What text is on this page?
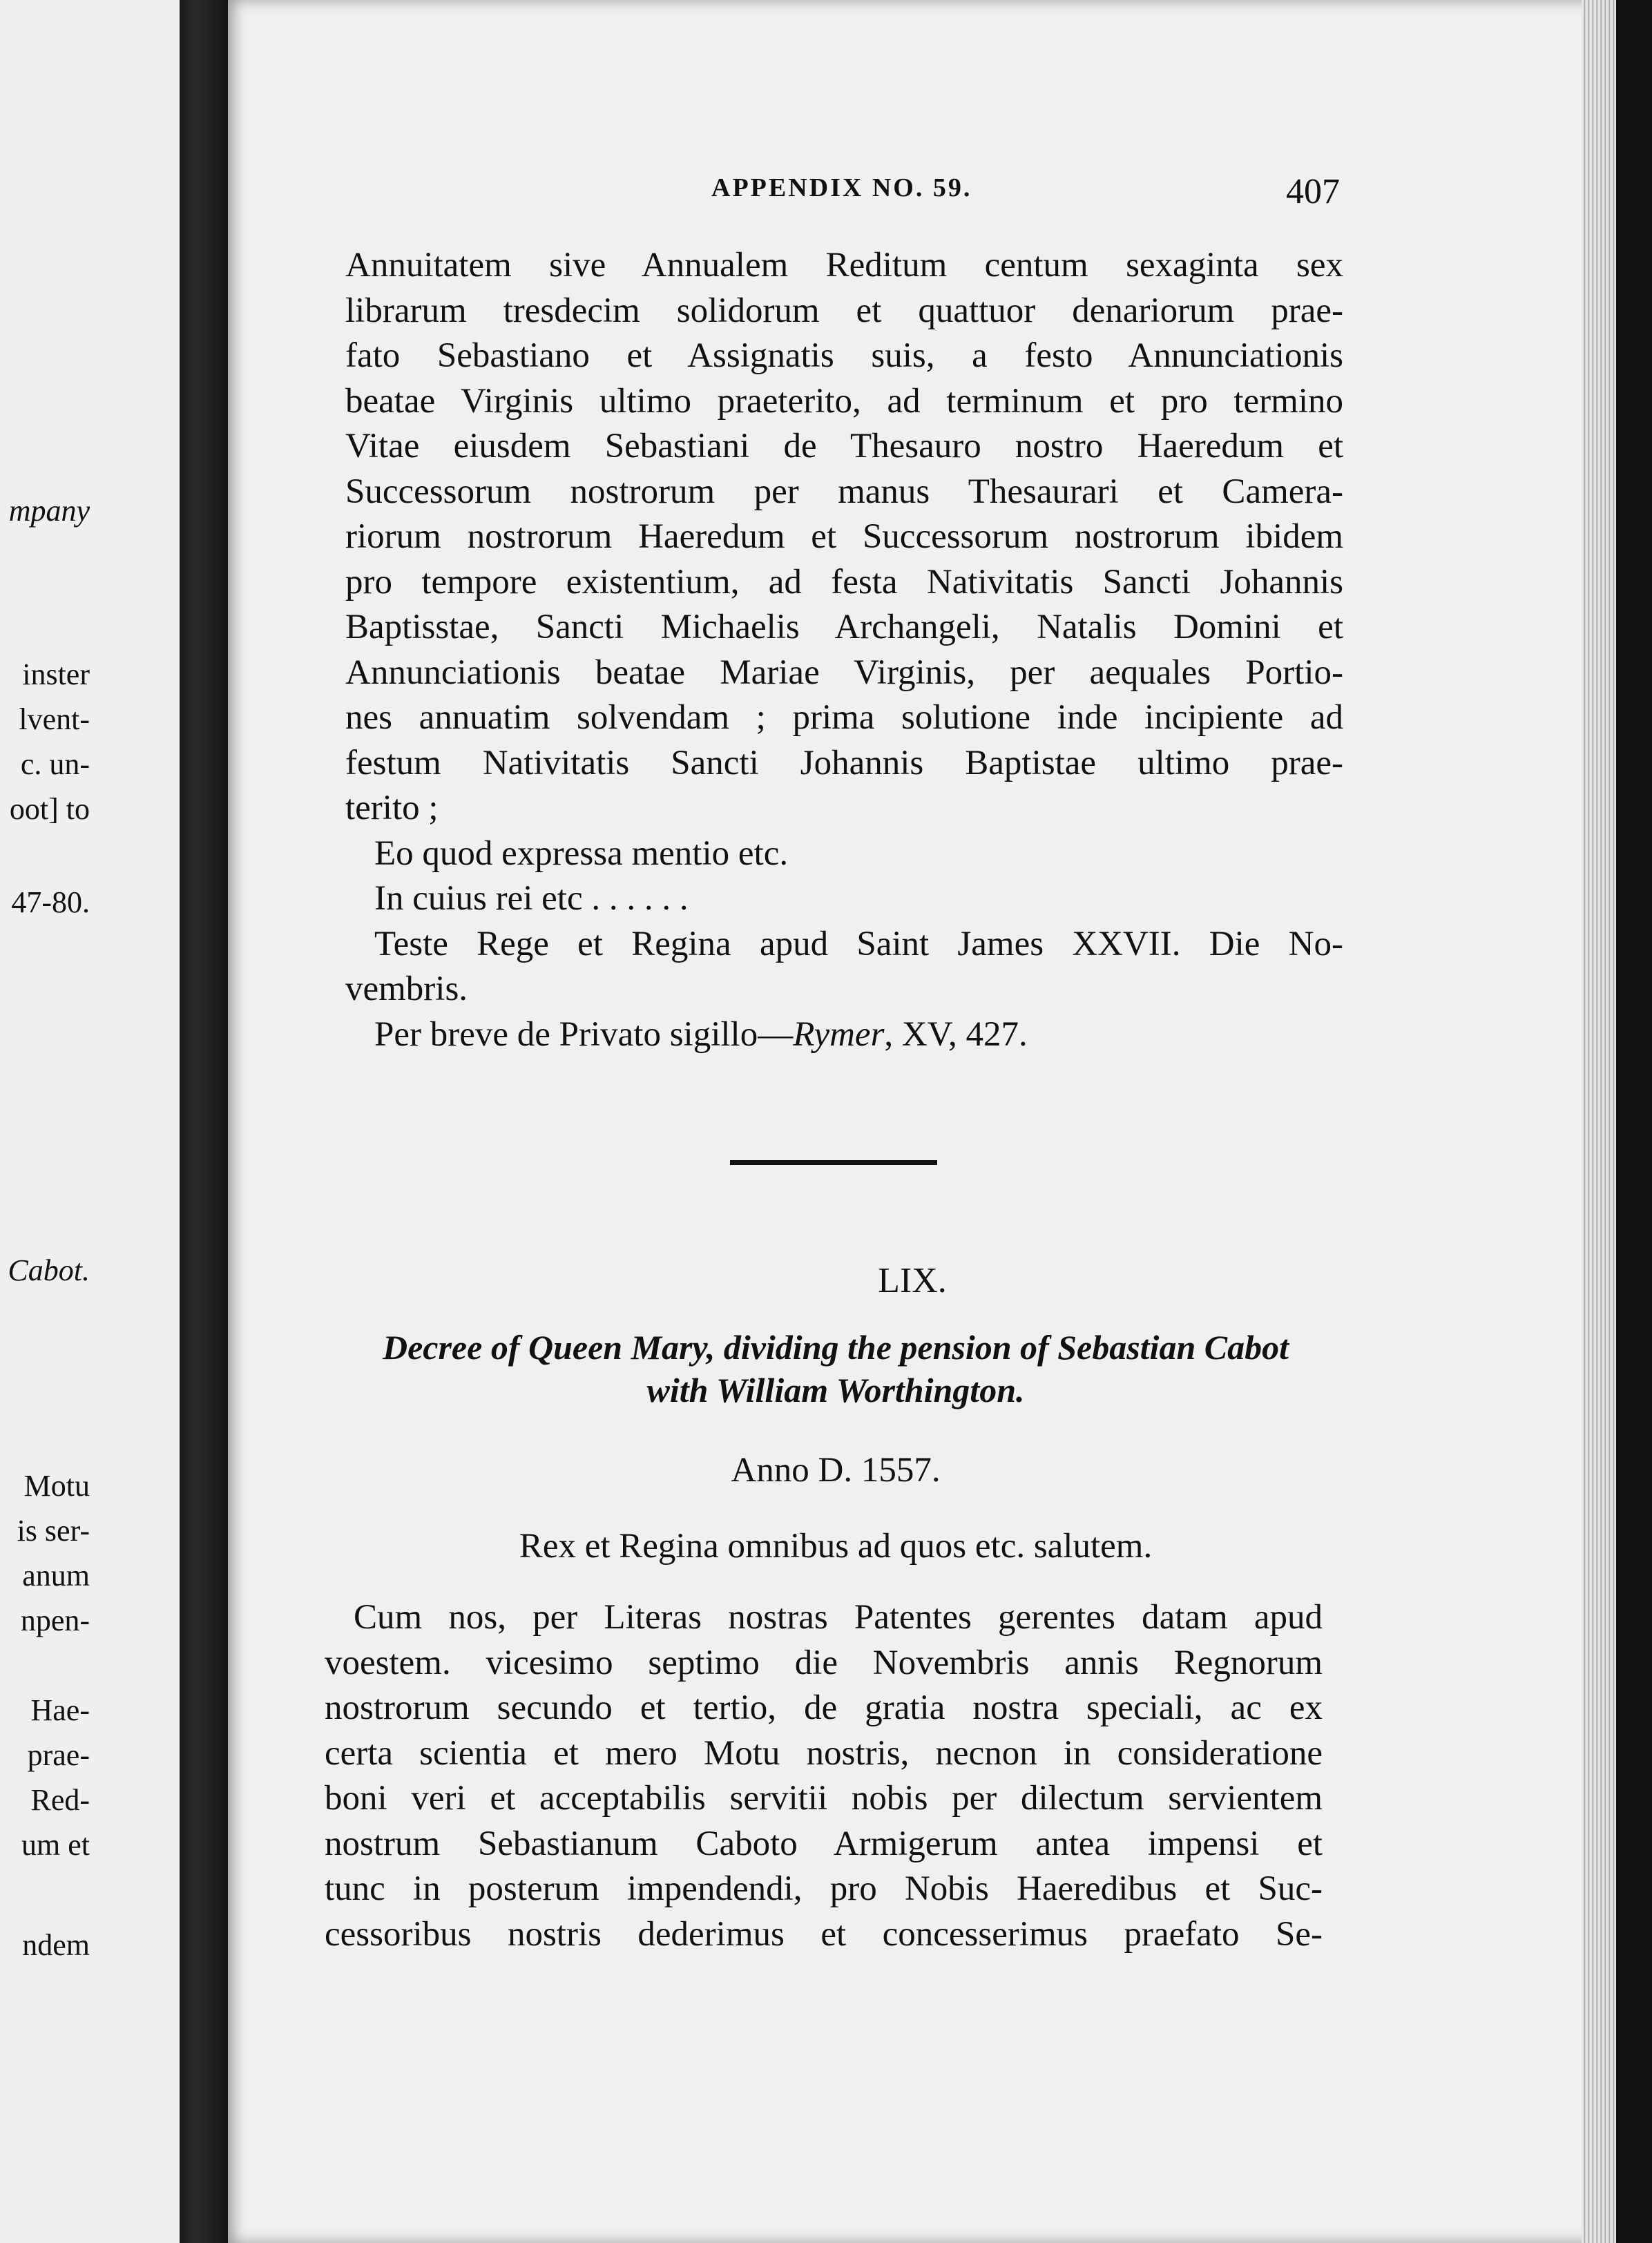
mpany
inster
lvent-
c. un-
oot] to
47-80.
Cabot.
Motu
is ser-
anum
npen-
Hae-
prae-
Red-
um et
ndem
APPENDIX NO. 59.	407
Annuitatem sive Annualem Reditum centum sexaginta sex
librarum tresdecim solidorum et quattuor denariorum prae-
fato Sebastiano et Assignatis suis, a festo Annunciationis
beatae Virginis ultimo praeterito, ad terminum et pro termino
Vitae eiusdem Sebastiani de Thesauro nostro Haeredum et
Successorum nostrorum per manus Thesaurari et Camera-
riorum nostrorum Haeredum et Successorum nostrorum ibidem
pro tempore existentium, ad festa Nativitatis Sancti Johannis
Baptisstae, Sancti Michaelis Archangeli, Natalis Domini et
Annunciationis beatae Mariae Virginis, per aequales Portio-
nes annuatim solvendam ; prima solutione inde incipiente ad
festum Nativitatis Sancti Johannis Baptistae ultimo prae-
terito ;
Eo quod expressa mentio etc.
In cuius rei etc . . . . . .
Teste Rege et Regina apud Saint James XXVII. Die No-
vembris.
Per breve de Privato sigillo—Rymer, XV, 427.
LIX.
Decree of Queen Mary, dividing the pension of Sebastian Cabot
with William Worthington.
Anno D. 1557.
Rex et Regina omnibus ad quos etc. salutem.
Cum nos, per Literas nostras Patentes gerentes datam apud
voestem. vicesimo septimo die Novembris annis Regnorum
nostrorum secundo et tertio, de gratia nostra speciali, ac ex
certa scientia et mero Motu nostris, necnon in consideratione
boni veri et acceptabilis servitii nobis per dilectum servientem
nostrum Sebastianum Caboto Armigerum antea impensi et
tunc in posterum impendendi, pro Nobis Haeredibus et Suc-
cessoribus nostris dederimus et concesserimus praefato Se-
